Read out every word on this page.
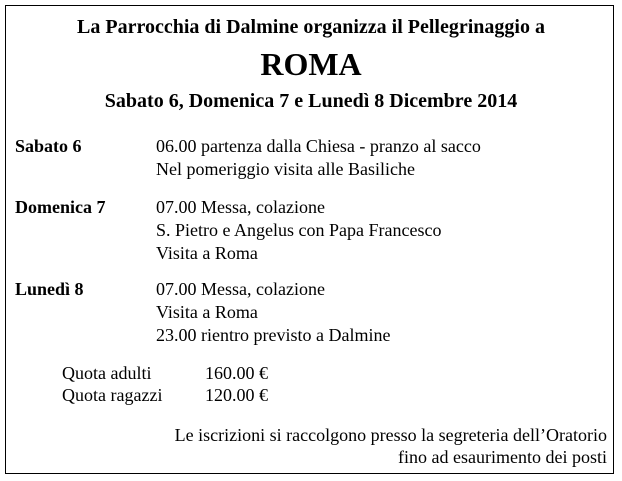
La Parrocchia di Dalmine organizza il Pellegrinaggio a
ROMA
Sabato 6, Domenica 7 e Lunedì 8 Dicembre 2014
Sabato 6	06.00 partenza dalla Chiesa - pranzo al sacco
Nel pomeriggio visita alle Basiliche
Domenica 7	07.00 Messa, colazione
S. Pietro e Angelus con Papa Francesco
Visita a Roma
Lunedì 8	07.00 Messa, colazione
Visita a Roma
23.00 rientro previsto a Dalmine
Quota adulti	160.00 €
Quota ragazzi 120.00 €
Le iscrizioni si raccolgono presso la segreteria dell’Oratorio
fino ad esaurimento dei posti
